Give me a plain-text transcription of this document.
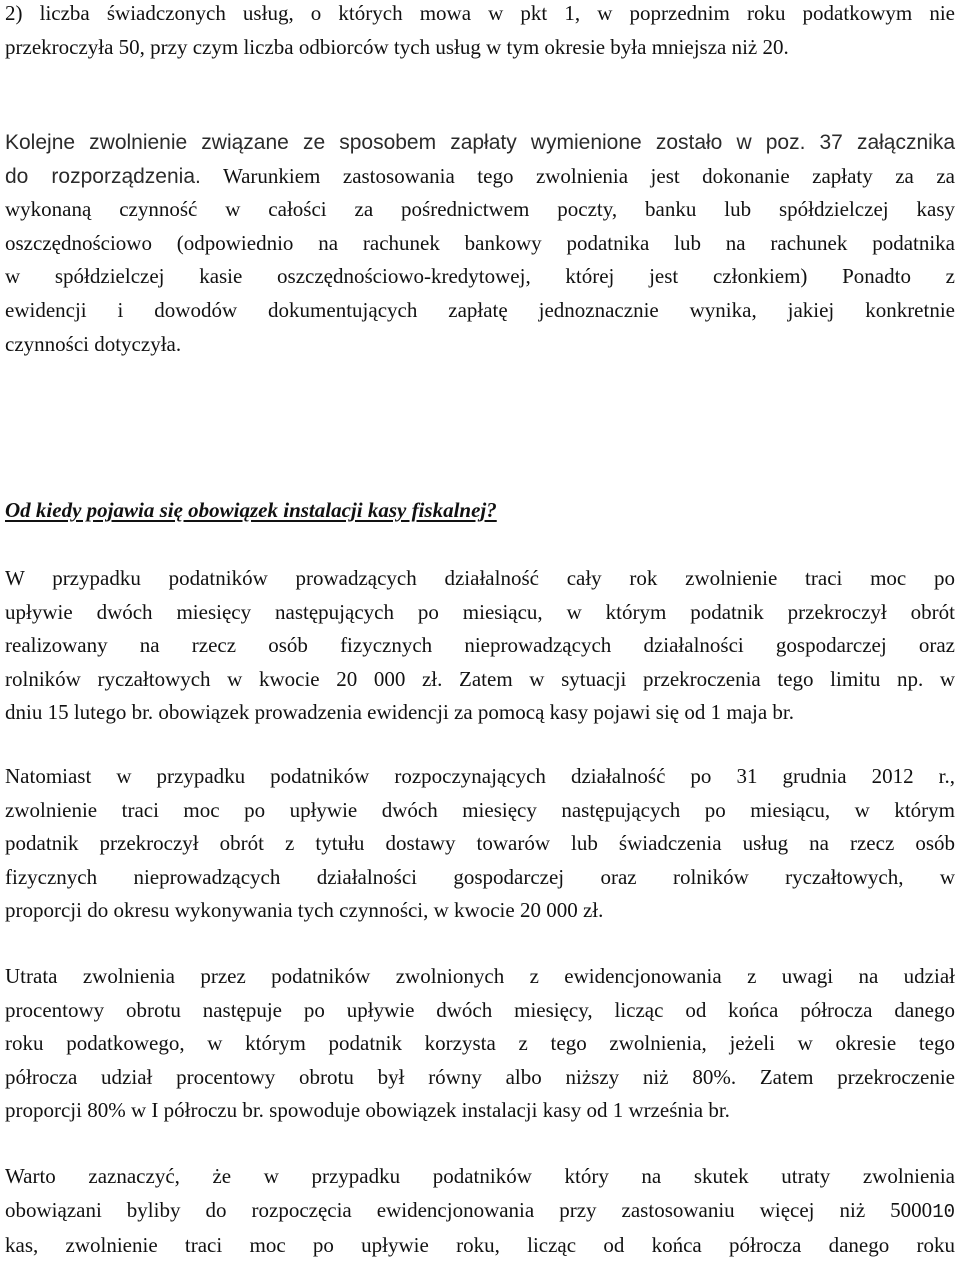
2) liczba świadczonych usług, o których mowa w pkt 1, w poprzednim roku podatkowym nie
przekroczyła 50, przy czym liczba odbiorców tych usług w tym okresie była mniejsza niż 20.
Kolejne zwolnienie związane ze sposobem zapłaty wymienione zostało w poz. 37 załącznika
do rozporządzenia. Warunkiem zastosowania tego zwolnienia jest dokonanie zapłaty za za
wykonaną czynność w całości za pośrednictwem poczty, banku lub spółdzielczej kasy
oszczędnościowo (odpowiednio na rachunek bankowy podatnika lub na rachunek podatnika
w spółdzielczej kasie oszczędnościowo-kredytowej, której jest członkiem) Ponadto z
ewidencji i dowodów dokumentujących zapłatę jednoznacznie wynika, jakiej konkretnie
czynności dotyczyła.
Od kiedy pojawia się obowiązek instalacji kasy fiskalnej?
W przypadku podatników prowadzących działalność cały rok zwolnienie traci moc po
upływie dwóch miesięcy następujących po miesiącu, w którym podatnik przekroczył obrót
realizowany na rzecz osób fizycznych nieprowadzących działalności gospodarczej oraz
rolników ryczałtowych w kwocie 20 000 zł. Zatem w sytuacji przekroczenia tego limitu np. w
dniu 15 lutego br. obowiązek prowadzenia ewidencji za pomocą kasy pojawi się od 1 maja br.
Natomiast w przypadku podatników rozpoczynających działalność po 31 grudnia 2012 r.,
zwolnienie traci moc po upływie dwóch miesięcy następujących po miesiącu, w którym
podatnik przekroczył obrót z tytułu dostawy towarów lub świadczenia usług na rzecz osób
fizycznych nieprowadzących działalności gospodarczej oraz rolników ryczałtowych, w
proporcji do okresu wykonywania tych czynności, w kwocie 20 000 zł.
Utrata zwolnienia przez podatników zwolnionych z ewidencjonowania z uwagi na udział
procentowy obrotu następuje po upływie dwóch miesięcy, licząc od końca półrocza danego
roku podatkowego, w którym podatnik korzysta z tego zwolnienia, jeżeli w okresie tego
półrocza udział procentowy obrotu był równy albo niższy niż 80%. Zatem przekroczenie
proporcji 80% w I półroczu br. spowoduje obowiązek instalacji kasy od 1 września br.
Warto zaznaczyć, że w przypadku podatników który na skutek utraty zwolnienia
obowiązani byliby do rozpoczęcia ewidencjonowania przy zastosowaniu więcej niż 500010
kas, zwolnienie traci moc po upływie roku, licząc od końca półrocza danego roku
